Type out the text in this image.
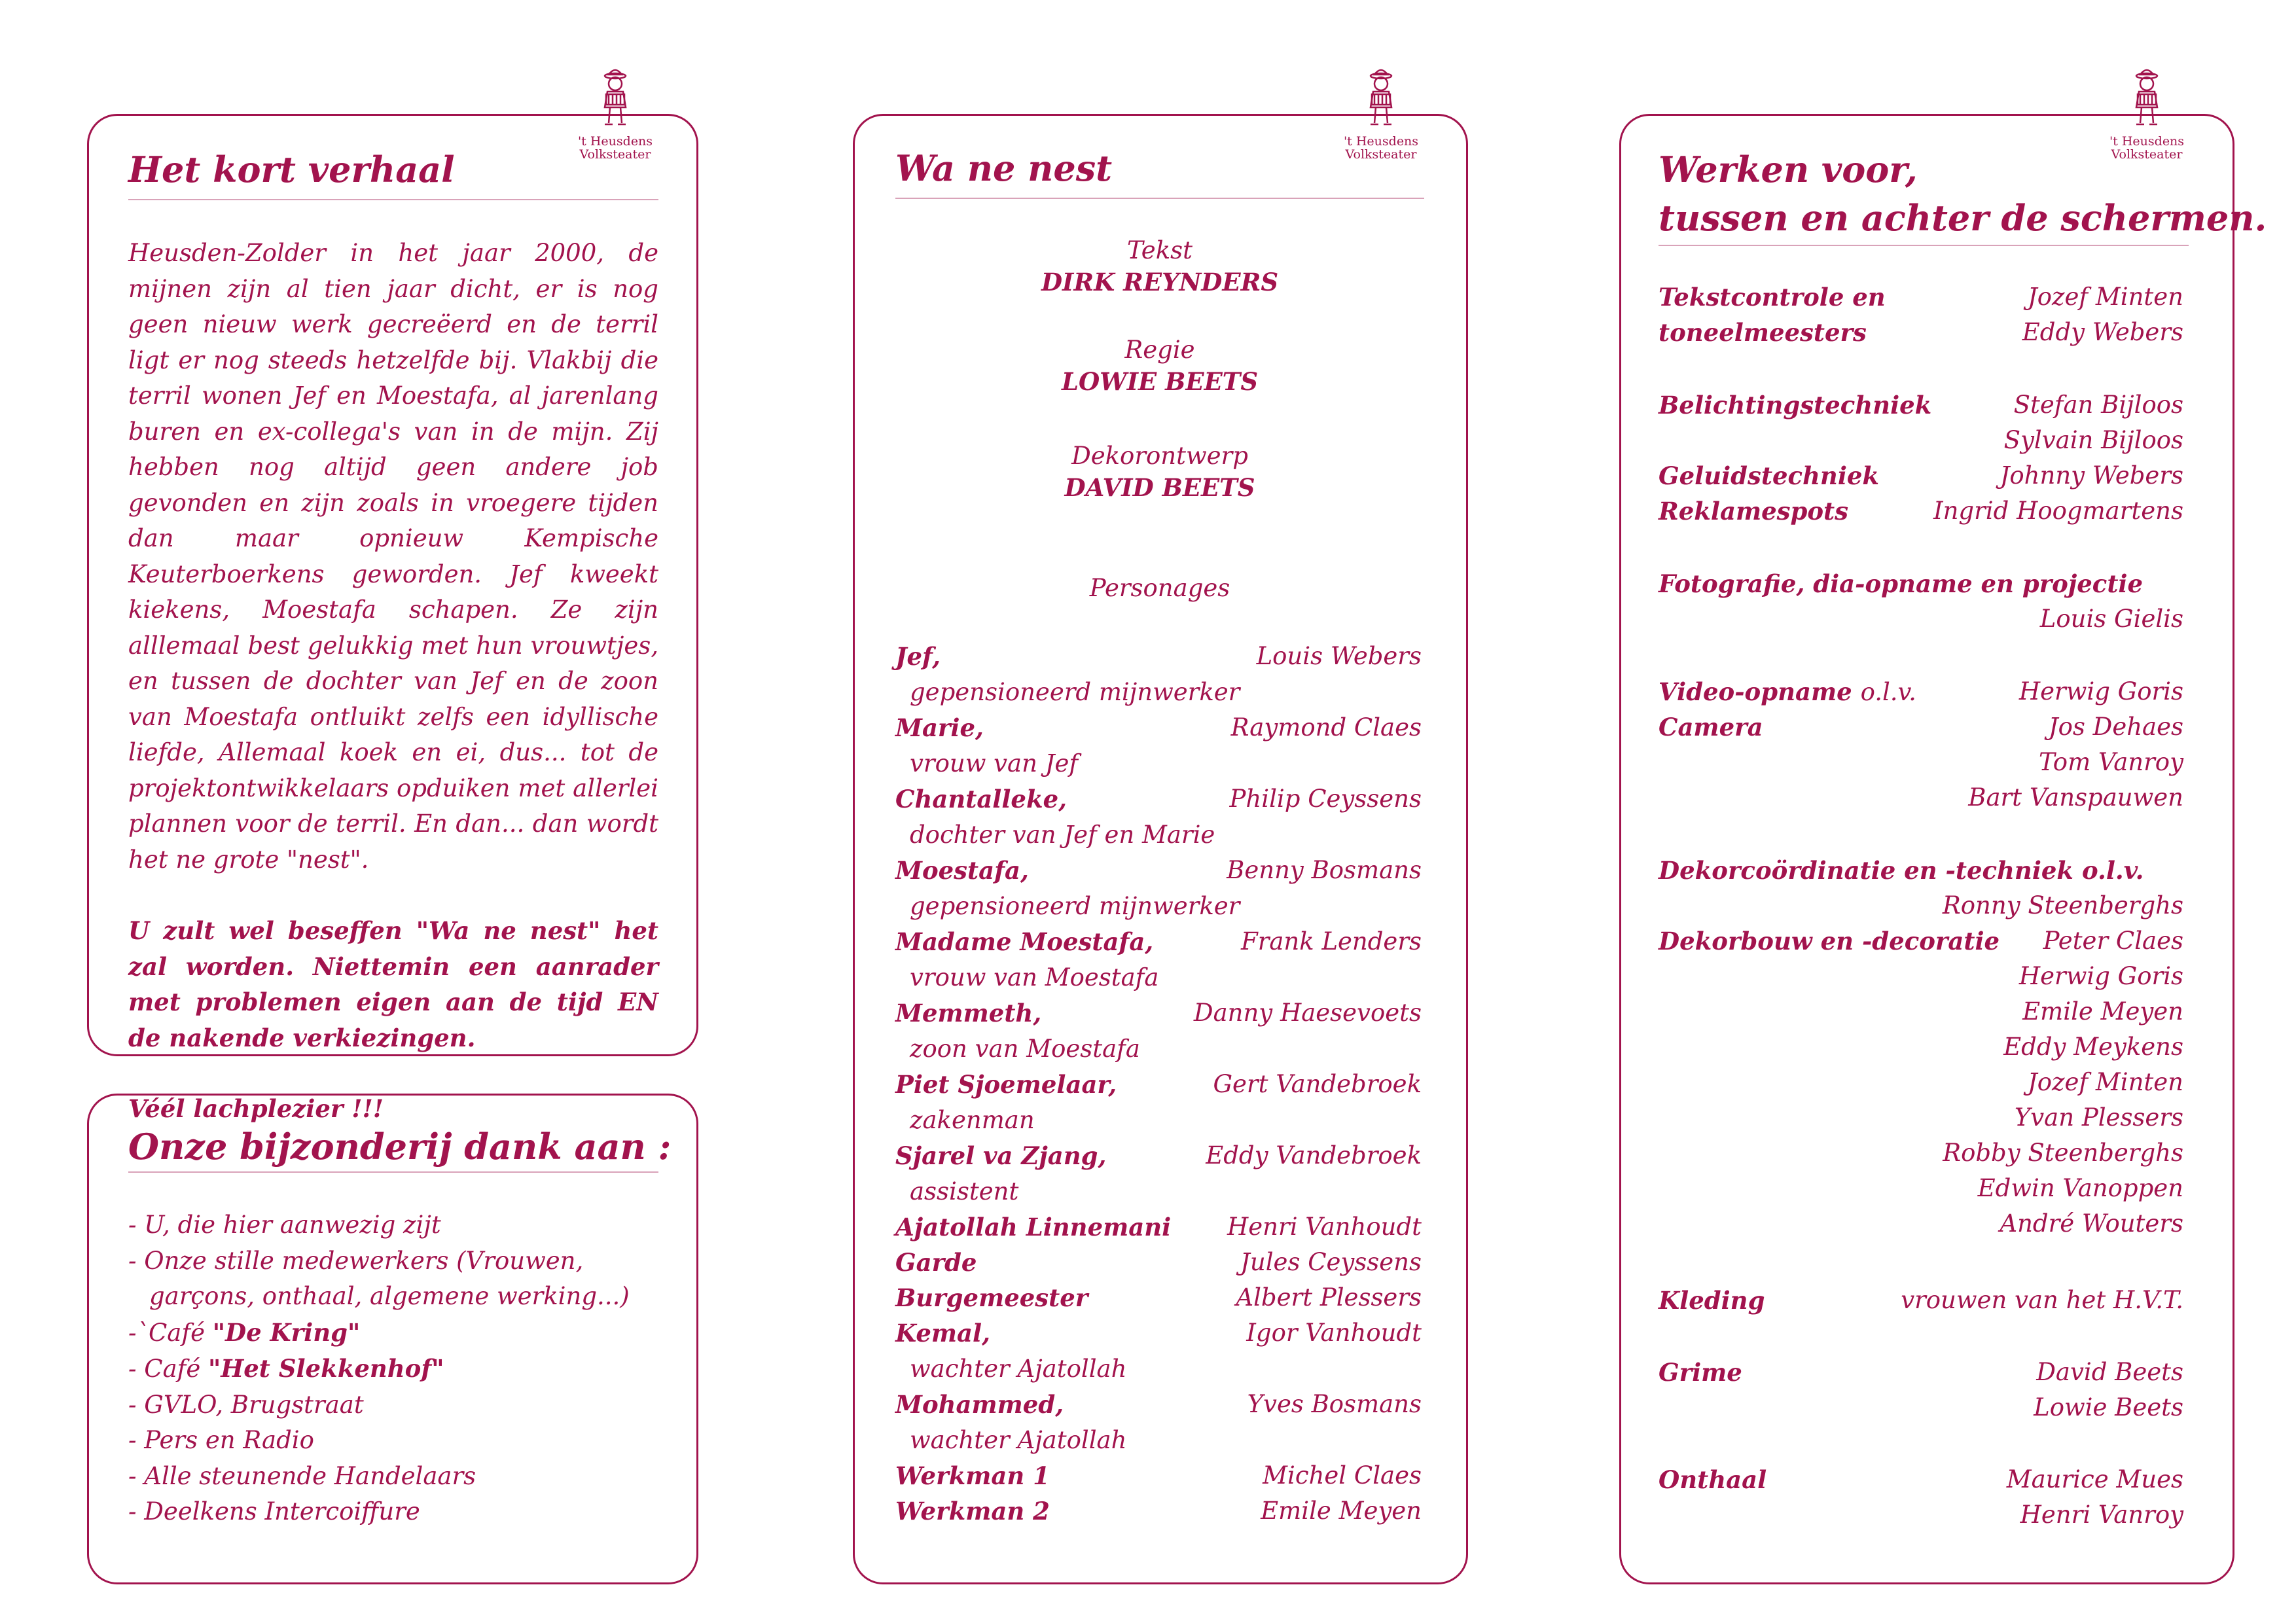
't Heusdens
Volksteater
Het kort verhaal

Heusden-Zolder in het jaar 2000, de mijnen zijn al tien jaar dicht, er is nog geen nieuw werk gecreëerd en de terril ligt er nog steeds hetzelfde bij. Vlakbij die terril wonen Jef en Moestafa, al jarenlang buren en ex-collega's van in de mijn. Zij hebben nog altijd geen andere job gevonden en zijn zoals in vroegere tijden dan maar opnieuw Kempische Keuterboerkens geworden. Jef kweekt kiekens, Moestafa schapen. Ze zijn alllemaal best gelukkig met hun vrouwtjes, en tussen de dochter van Jef en de zoon van Moestafa ontluikt zelfs een idyllische liefde, Allemaal koek en ei, dus... tot de projektontwikkelaars opduiken met allerlei plannen voor de terril. En dan... dan wordt het ne grote "nest".

U zult wel beseffen "Wa ne nest" het zal worden. Niettemin een aanrader met problemen eigen aan de tijd EN de nakende verkiezingen.

Véél lachplezier !!!

Onze bijzonderij dank aan :
- U, die hier aanwezig zijt
- Onze stille medewerkers (Vrouwen,
garçons, onthaal, algemene werking...)
-`Café "De Kring"
- Café "Het Slekkenhof"
- GVLO, Brugstraat
- Pers en Radio
- Alle steunende Handelaars
- Deelkens Intercoiffure
't Heusdens
Volksteater
Wa ne nest
Tekst
DIRK REYNDERS
Regie
LOWIE BEETS
Dekorontwerp
DAVID BEETS
Personages
Jef,	Louis Webers
gepensioneerd mijnwerker
Marie,	Raymond Claes
vrouw van Jef
Chantalleke,	Philip Ceyssens
dochter van Jef en Marie
Moestafa,	Benny Bosmans
gepensioneerd mijnwerker
Madame Moestafa,	Frank Lenders
vrouw van Moestafa
Memmeth,	Danny Haesevoets
zoon van Moestafa
Piet Sjoemelaar,	Gert Vandebroek
zakenman
Sjarel va Zjang,	Eddy Vandebroek
assistent
Ajatollah Linnemani	Henri Vanhoudt
Garde	Jules Ceyssens
Burgemeester	Albert Plessers
Kemal,	Igor Vanhoudt
wachter Ajatollah
Mohammed,	Yves Bosmans
wachter Ajatollah
Werkman 1	Michel Claes
Werkman 2	Emile Meyen
't Heusdens
Volksteater
Werken voor,
tussen en achter de schermen.
Tekstcontrole en	Jozef Minten
toneelmeesters	Eddy Webers
Belichtingstechniek	Stefan Bijloos
Sylvain Bijloos
Geluidstechniek	Johnny Webers
Reklamespots	Ingrid Hoogmartens
Fotografie, dia-opname en projectie
Louis Gielis
Video-opname o.l.v.	Herwig Goris
Camera	Jos Dehaes
Tom Vanroy
Bart Vanspauwen
Dekorcoördinatie en -techniek o.l.v.
Ronny Steenberghs
Dekorbouw en -decoratie	Peter Claes
Herwig Goris
Emile Meyen
Eddy Meykens
Jozef Minten
Yvan Plessers
Robby Steenberghs
Edwin Vanoppen
André Wouters
Kleding	vrouwen van het H.V.T.
Grime	David Beets
Lowie Beets
Onthaal	Maurice Mues
Henri Vanroy
